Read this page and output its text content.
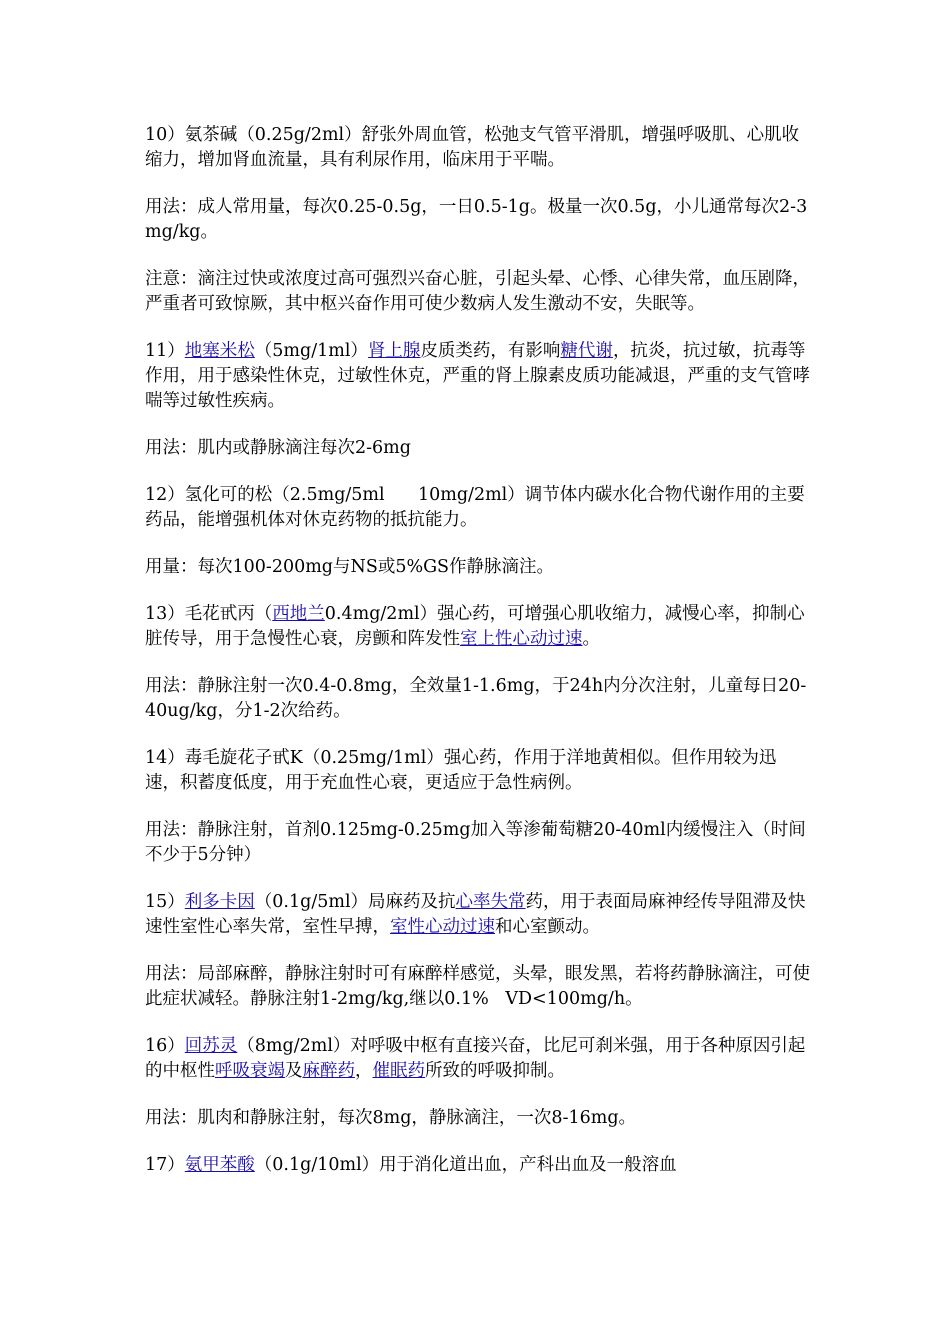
10）氨茶碱（0.25g/2ml）舒张外周血管，松弛支气管平滑肌，增强呼吸肌、心肌收缩力，增加肾血流量，具有利尿作用，临床用于平喘。

用法：成人常用量，每次0.25-0.5g，一日0.5-1g。极量一次0.5g，小儿通常每次2-3mg/kg。

注意：滴注过快或浓度过高可强烈兴奋心脏，引起头晕、心悸、心律失常，血压剧降，严重者可致惊厥，其中枢兴奋作用可使少数病人发生激动不安，失眠等。

11）地塞米松（5mg/1ml）肾上腺皮质类药，有影响糖代谢，抗炎，抗过敏，抗毒等作用，用于感染性休克，过敏性休克，严重的肾上腺素皮质功能减退，严重的支气管哮喘等过敏性疾病。

用法：肌内或静脉滴注每次2-6mg

12）氢化可的松（2.5mg/5ml      10mg/2ml）调节体内碳水化合物代谢作用的主要药品，能增强机体对休克药物的抵抗能力。

用量：每次100-200mg与NS或5%GS作静脉滴注。

13）毛花甙丙（西地兰0.4mg/2ml）强心药，可增强心肌收缩力，减慢心率，抑制心脏传导，用于急慢性心衰，房颤和阵发性室上性心动过速。

用法：静脉注射一次0.4-0.8mg，全效量1-1.6mg，于24h内分次注射，儿童每日20-40ug/kg，分1-2次给药。

14）毒毛旋花子甙K（0.25mg/1ml）强心药，作用于洋地黄相似。但作用较为迅速，积蓄度低度，用于充血性心衰，更适应于急性病例。

用法：静脉注射，首剂0.125mg-0.25mg加入等渗葡萄糖20-40ml内缓慢注入（时间不少于5分钟）

15）利多卡因（0.1g/5ml）局麻药及抗心率失常药，用于表面局麻神经传导阻滞及快速性室性心率失常，室性早搏，室性心动过速和心室颤动。

用法：局部麻醉，静脉注射时可有麻醉样感觉，头晕，眼发黑，若将药静脉滴注，可使此症状减轻。静脉注射1-2mg/kg,继以0.1%   VD<100mg/h。

16）回苏灵（8mg/2ml）对呼吸中枢有直接兴奋，比尼可刹米强，用于各种原因引起的中枢性呼吸衰竭及麻醉药，催眠药所致的呼吸抑制。

用法：肌肉和静脉注射，每次8mg，静脉滴注，一次8-16mg。

17）氨甲苯酸（0.1g/10ml）用于消化道出血，产科出血及一般溶血
